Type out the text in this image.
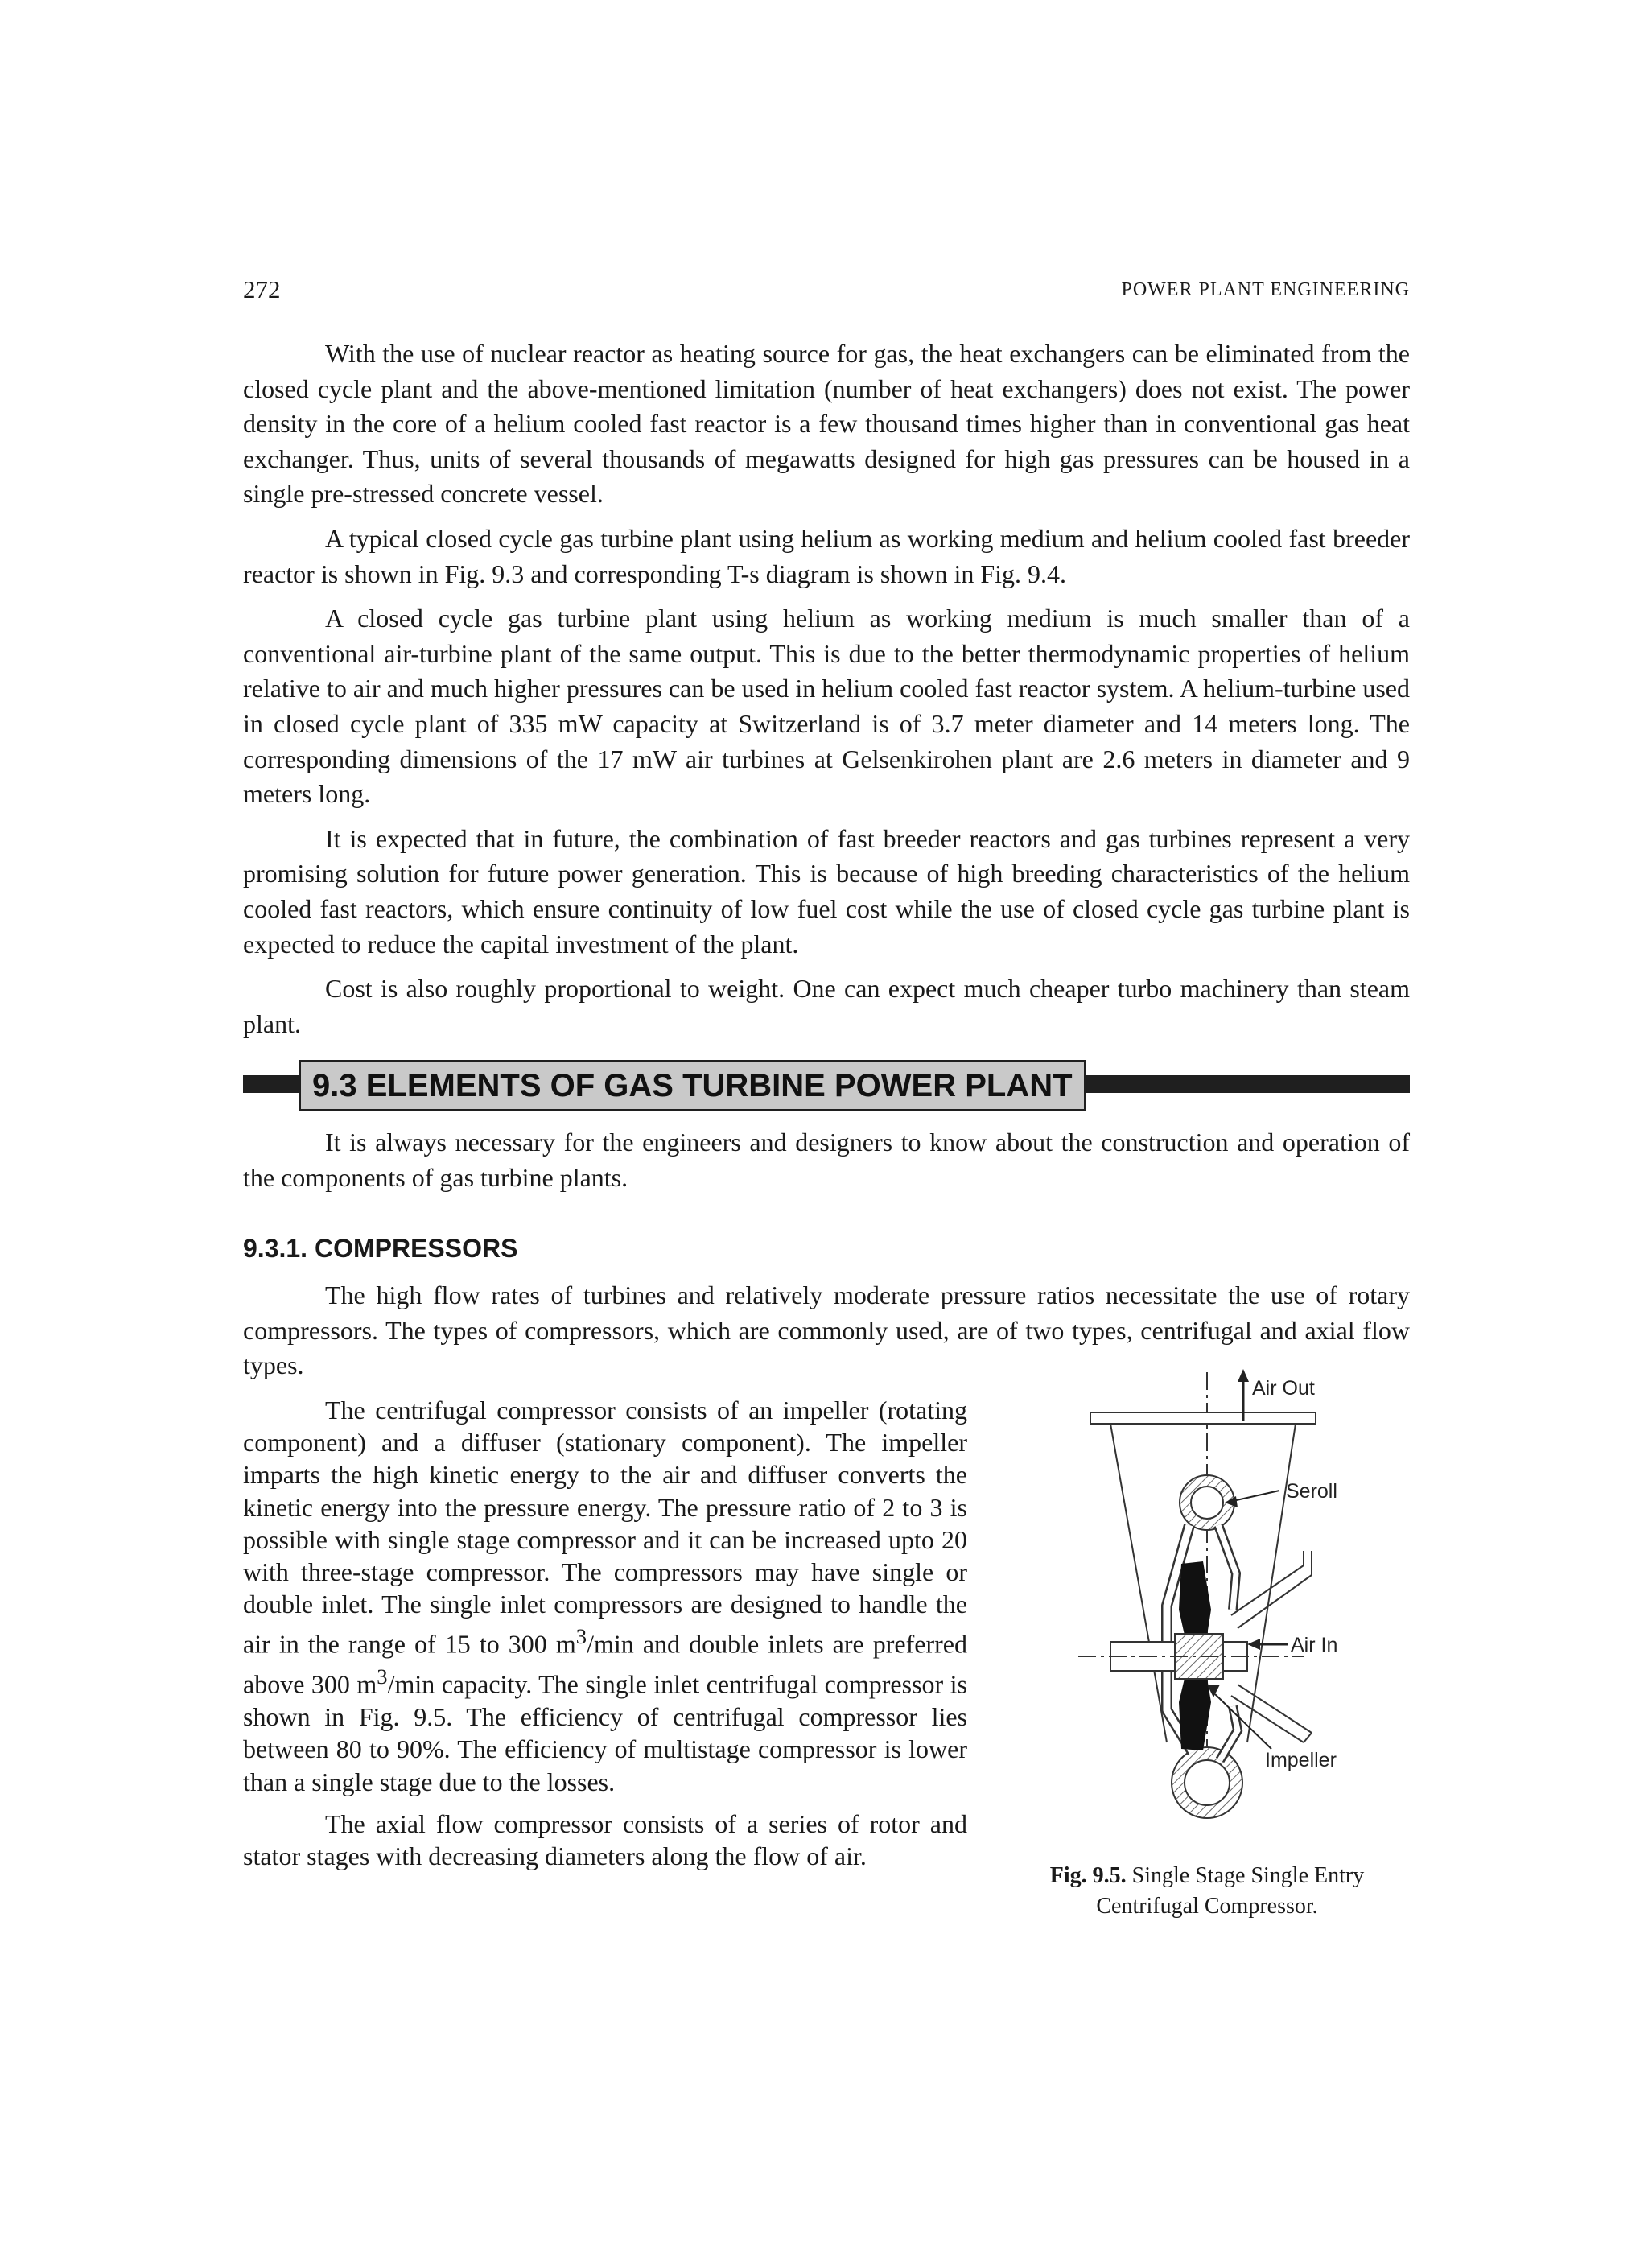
272	POWER PLANT ENGINEERING

With the use of nuclear reactor as heating source for gas, the heat exchangers can be eliminated from the closed cycle plant and the above-mentioned limitation (number of heat exchangers) does not exist. The power density in the core of a helium cooled fast reactor is a few thousand times higher than in conventional gas heat exchanger. Thus, units of several thousands of megawatts designed for high gas pressures can be housed in a single pre-stressed concrete vessel.

A typical closed cycle gas turbine plant using helium as working medium and helium cooled fast breeder reactor is shown in Fig. 9.3 and corresponding T-s diagram is shown in Fig. 9.4.

A closed cycle gas turbine plant using helium as working medium is much smaller than of a conventional air-turbine plant of the same output. This is due to the better thermodynamic properties of helium relative to air and much higher pressures can be used in helium cooled fast reactor system. A helium-turbine used in closed cycle plant of 335 mW capacity at Switzerland is of 3.7 meter diameter and 14 meters long. The corresponding dimensions of the 17 mW air turbines at Gelsenkirohen plant are 2.6 meters in diameter and 9 meters long.

It is expected that in future, the combination of fast breeder reactors and gas turbines represent a very promising solution for future power generation. This is because of high breeding characteristics of the helium cooled fast reactors, which ensure continuity of low fuel cost while the use of closed cycle gas turbine plant is expected to reduce the capital investment of the plant.

Cost is also roughly proportional to weight. One can expect much cheaper turbo machinery than steam plant.

9.3 ELEMENTS OF GAS TURBINE POWER PLANT

It is always necessary for the engineers and designers to know about the construction and operation of the components of gas turbine plants.

9.3.1. COMPRESSORS

The high flow rates of turbines and relatively moderate pressure ratios necessitate the use of rotary compressors. The types of compressors, which are commonly used, are of two types, centrifugal and axial flow types.

The centrifugal compressor consists of an impeller (rotating component) and a diffuser (stationary component). The impeller imparts the high kinetic energy to the air and diffuser converts the kinetic energy into the pressure energy. The pressure ratio of 2 to 3 is possible with single stage compressor and it can be increased upto 20 with three-stage compressor. The compressors may have single or double inlet. The single inlet compressors are designed to handle the air in the range of 15 to 300 $m^3/\min$ and double inlets are preferred above 300 $m^3/\min$ capacity. The single inlet centrifugal compressor is shown in Fig. 9.5. The efficiency of centrifugal compressor lies between 80 to 90%. The efficiency of multistage compressor is lower than a single stage due to the losses.

The axial flow compressor consists of a series of rotor and stator stages with decreasing diameters along the flow of air.

Air Out
Seroll
Air In
Impeller
Fig. 9.5. Single Stage Single Entry
Centrifugal Compressor.
